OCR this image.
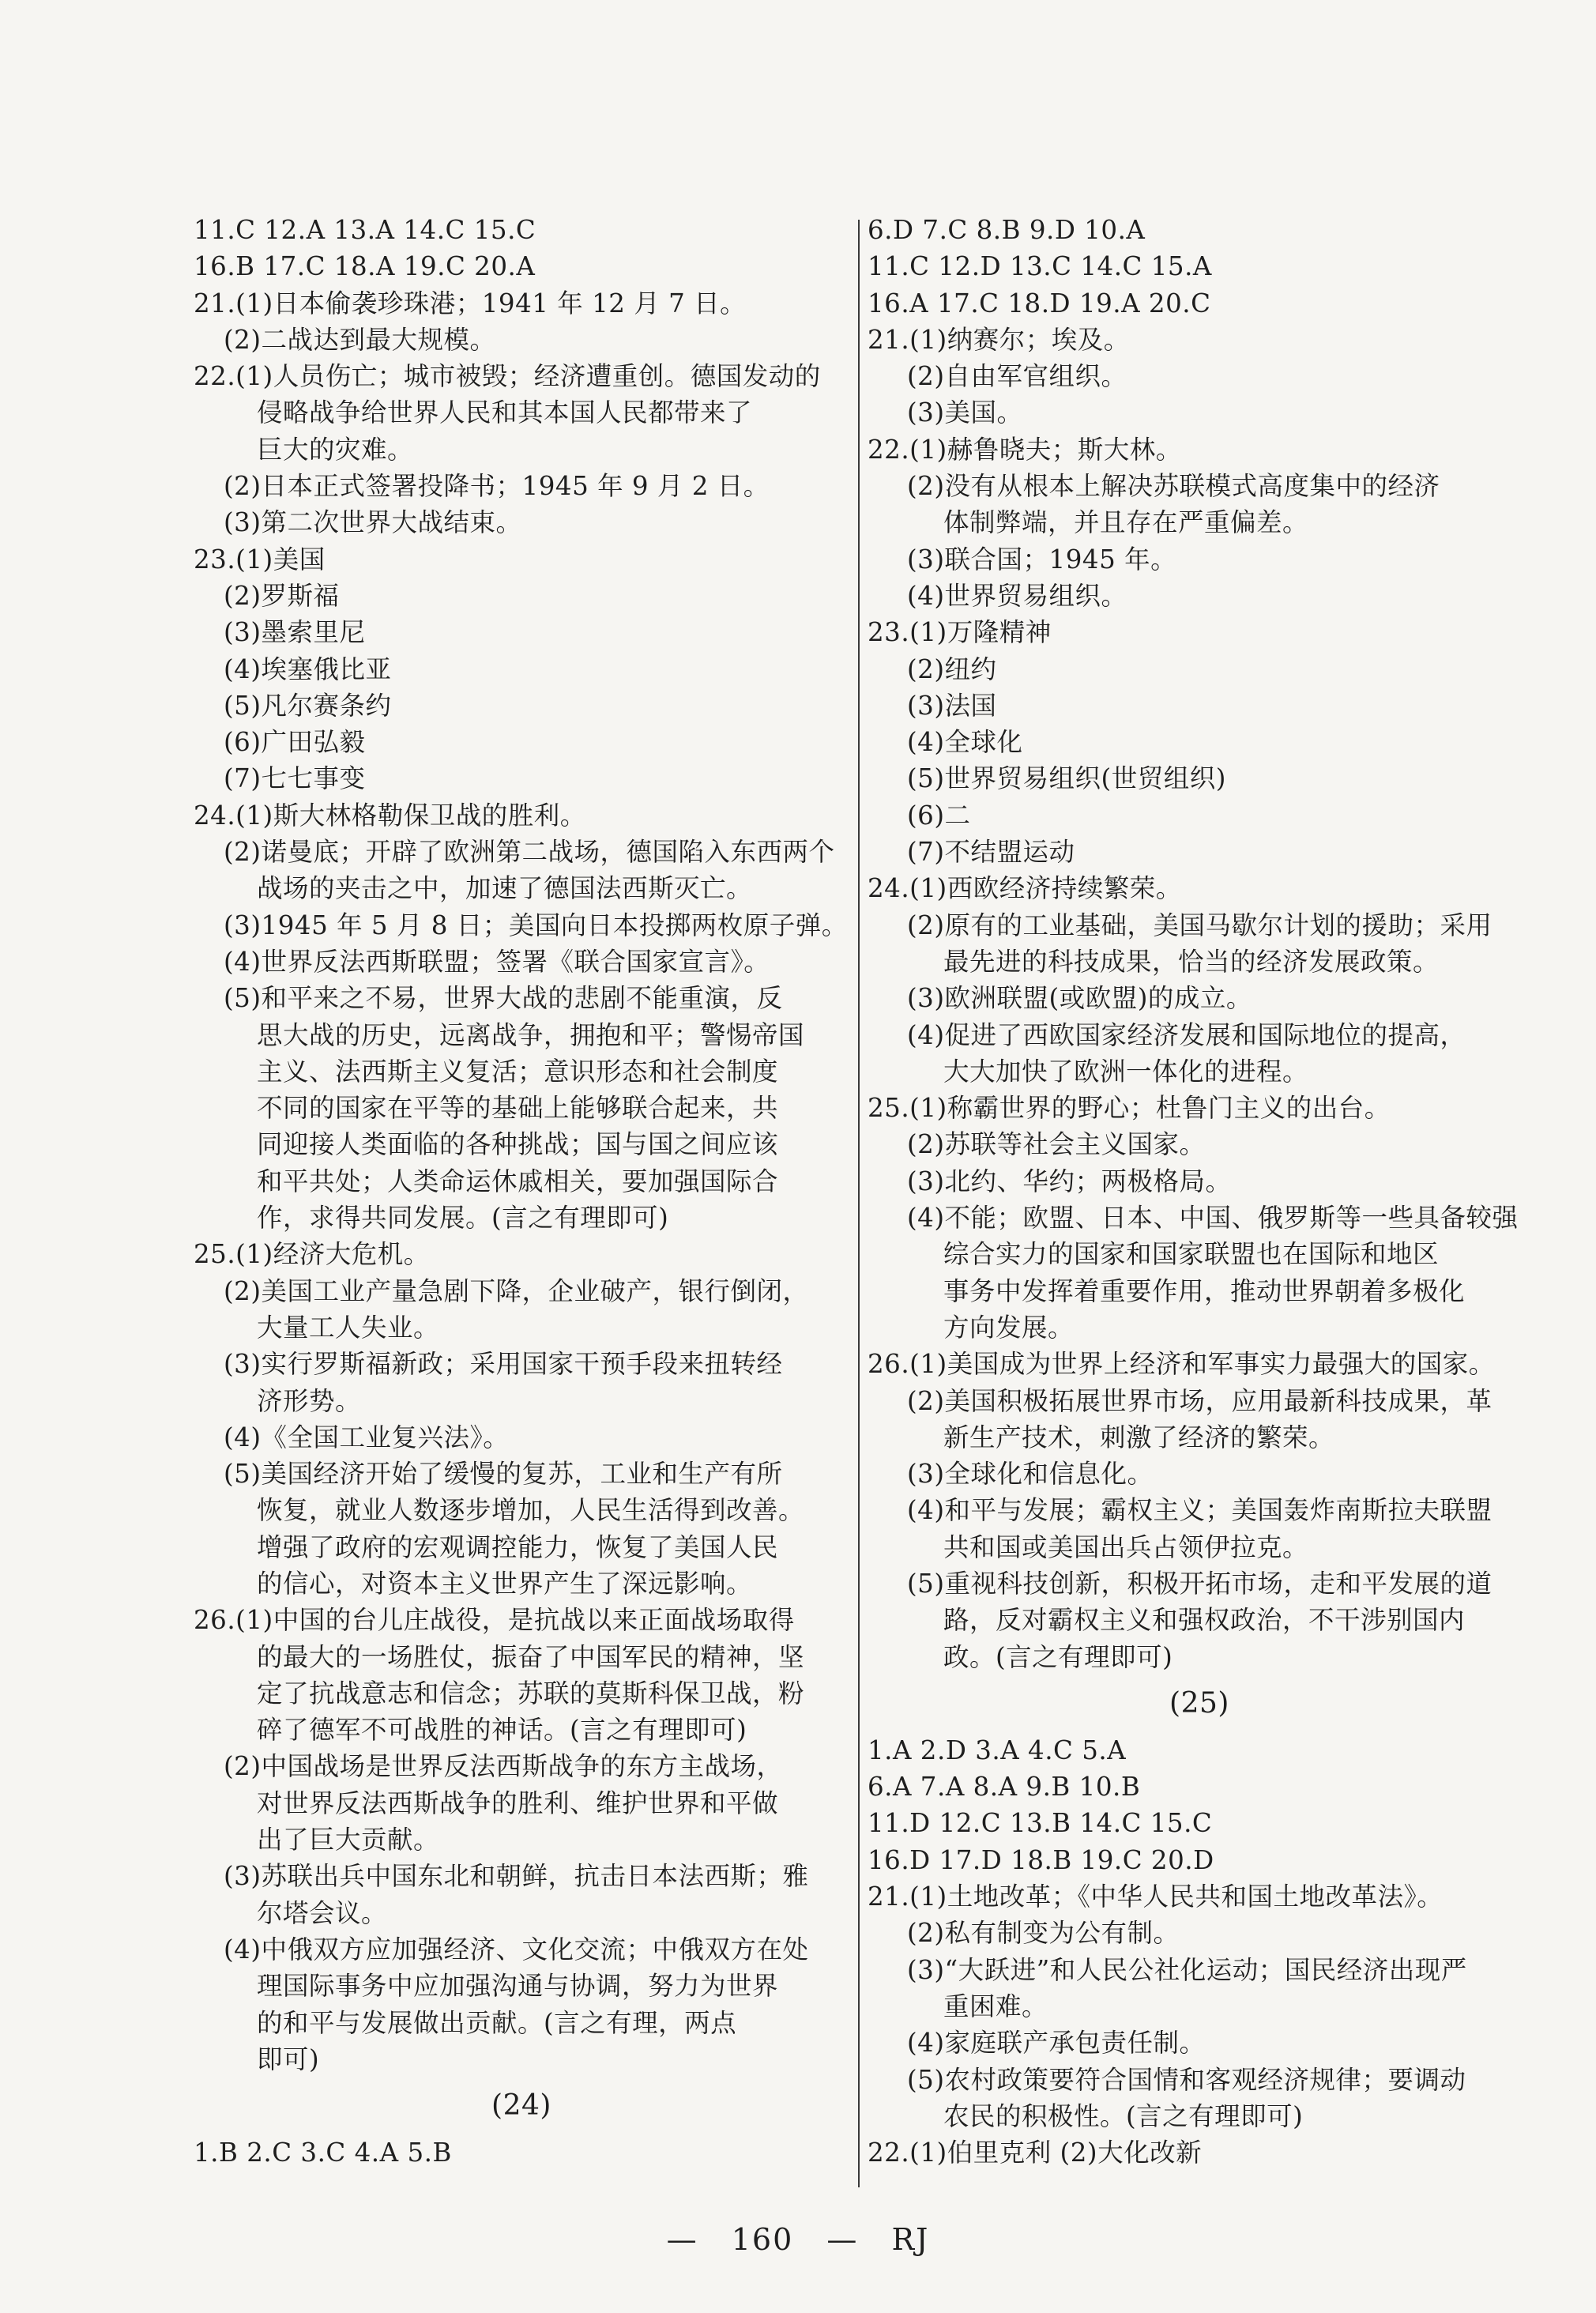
11.C 12.A 13.A 14.C 15.C
16.B 17.C 18.A 19.C 20.A
21.(1)日本偷袭珍珠港；1941 年 12 月 7 日。
(2)二战达到最大规模。
22.(1)人员伤亡；城市被毁；经济遭重创。德国发动的
侵略战争给世界人民和其本国人民都带来了
巨大的灾难。
(2)日本正式签署投降书；1945 年 9 月 2 日。
(3)第二次世界大战结束。
23.(1)美国
(2)罗斯福
(3)墨索里尼
(4)埃塞俄比亚
(5)凡尔赛条约
(6)广田弘毅
(7)七七事变
24.(1)斯大林格勒保卫战的胜利。
(2)诺曼底；开辟了欧洲第二战场，德国陷入东西两个
战场的夹击之中，加速了德国法西斯灭亡。
(3)1945 年 5 月 8 日；美国向日本投掷两枚原子弹。
(4)世界反法西斯联盟；签署《联合国家宣言》。
(5)和平来之不易，世界大战的悲剧不能重演，反
思大战的历史，远离战争，拥抱和平；警惕帝国
主义、法西斯主义复活；意识形态和社会制度
不同的国家在平等的基础上能够联合起来，共
同迎接人类面临的各种挑战；国与国之间应该
和平共处；人类命运休戚相关，要加强国际合
作，求得共同发展。(言之有理即可)
25.(1)经济大危机。
(2)美国工业产量急剧下降，企业破产，银行倒闭，
大量工人失业。
(3)实行罗斯福新政；采用国家干预手段来扭转经
济形势。
(4)《全国工业复兴法》。
(5)美国经济开始了缓慢的复苏，工业和生产有所
恢复，就业人数逐步增加，人民生活得到改善。
增强了政府的宏观调控能力，恢复了美国人民
的信心，对资本主义世界产生了深远影响。
26.(1)中国的台儿庄战役，是抗战以来正面战场取得
的最大的一场胜仗，振奋了中国军民的精神，坚
定了抗战意志和信念；苏联的莫斯科保卫战，粉
碎了德军不可战胜的神话。(言之有理即可)
(2)中国战场是世界反法西斯战争的东方主战场，
对世界反法西斯战争的胜利、维护世界和平做
出了巨大贡献。
(3)苏联出兵中国东北和朝鲜，抗击日本法西斯；雅
尔塔会议。
(4)中俄双方应加强经济、文化交流；中俄双方在处
理国际事务中应加强沟通与协调，努力为世界
的和平与发展做出贡献。(言之有理，两点
即可)
(24)
1.B 2.C 3.C 4.A 5.B
6.D 7.C 8.B 9.D 10.A
11.C 12.D 13.C 14.C 15.A
16.A 17.C 18.D 19.A 20.C
21.(1)纳赛尔；埃及。
(2)自由军官组织。
(3)美国。
22.(1)赫鲁晓夫；斯大林。
(2)没有从根本上解决苏联模式高度集中的经济
体制弊端，并且存在严重偏差。
(3)联合国；1945 年。
(4)世界贸易组织。
23.(1)万隆精神
(2)纽约
(3)法国
(4)全球化
(5)世界贸易组织(世贸组织)
(6)二
(7)不结盟运动
24.(1)西欧经济持续繁荣。
(2)原有的工业基础，美国马歇尔计划的援助；采用
最先进的科技成果，恰当的经济发展政策。
(3)欧洲联盟(或欧盟)的成立。
(4)促进了西欧国家经济发展和国际地位的提高，
大大加快了欧洲一体化的进程。
25.(1)称霸世界的野心；杜鲁门主义的出台。
(2)苏联等社会主义国家。
(3)北约、华约；两极格局。
(4)不能；欧盟、日本、中国、俄罗斯等一些具备较强
综合实力的国家和国家联盟也在国际和地区
事务中发挥着重要作用，推动世界朝着多极化
方向发展。
26.(1)美国成为世界上经济和军事实力最强大的国家。
(2)美国积极拓展世界市场，应用最新科技成果，革
新生产技术，刺激了经济的繁荣。
(3)全球化和信息化。
(4)和平与发展；霸权主义；美国轰炸南斯拉夫联盟
共和国或美国出兵占领伊拉克。
(5)重视科技创新，积极开拓市场，走和平发展的道
路，反对霸权主义和强权政治，不干涉别国内
政。(言之有理即可)
(25)
1.A 2.D 3.A 4.C 5.A
6.A 7.A 8.A 9.B 10.B
11.D 12.C 13.B 14.C 15.C
16.D 17.D 18.B 19.C 20.D
21.(1)土地改革；《中华人民共和国土地改革法》。
(2)私有制变为公有制。
(3)“大跃进”和人民公社化运动；国民经济出现严
重困难。
(4)家庭联产承包责任制。
(5)农村政策要符合国情和客观经济规律；要调动
农民的积极性。(言之有理即可)
22.(1)伯里克利 (2)大化改新
— 160 — RJ
